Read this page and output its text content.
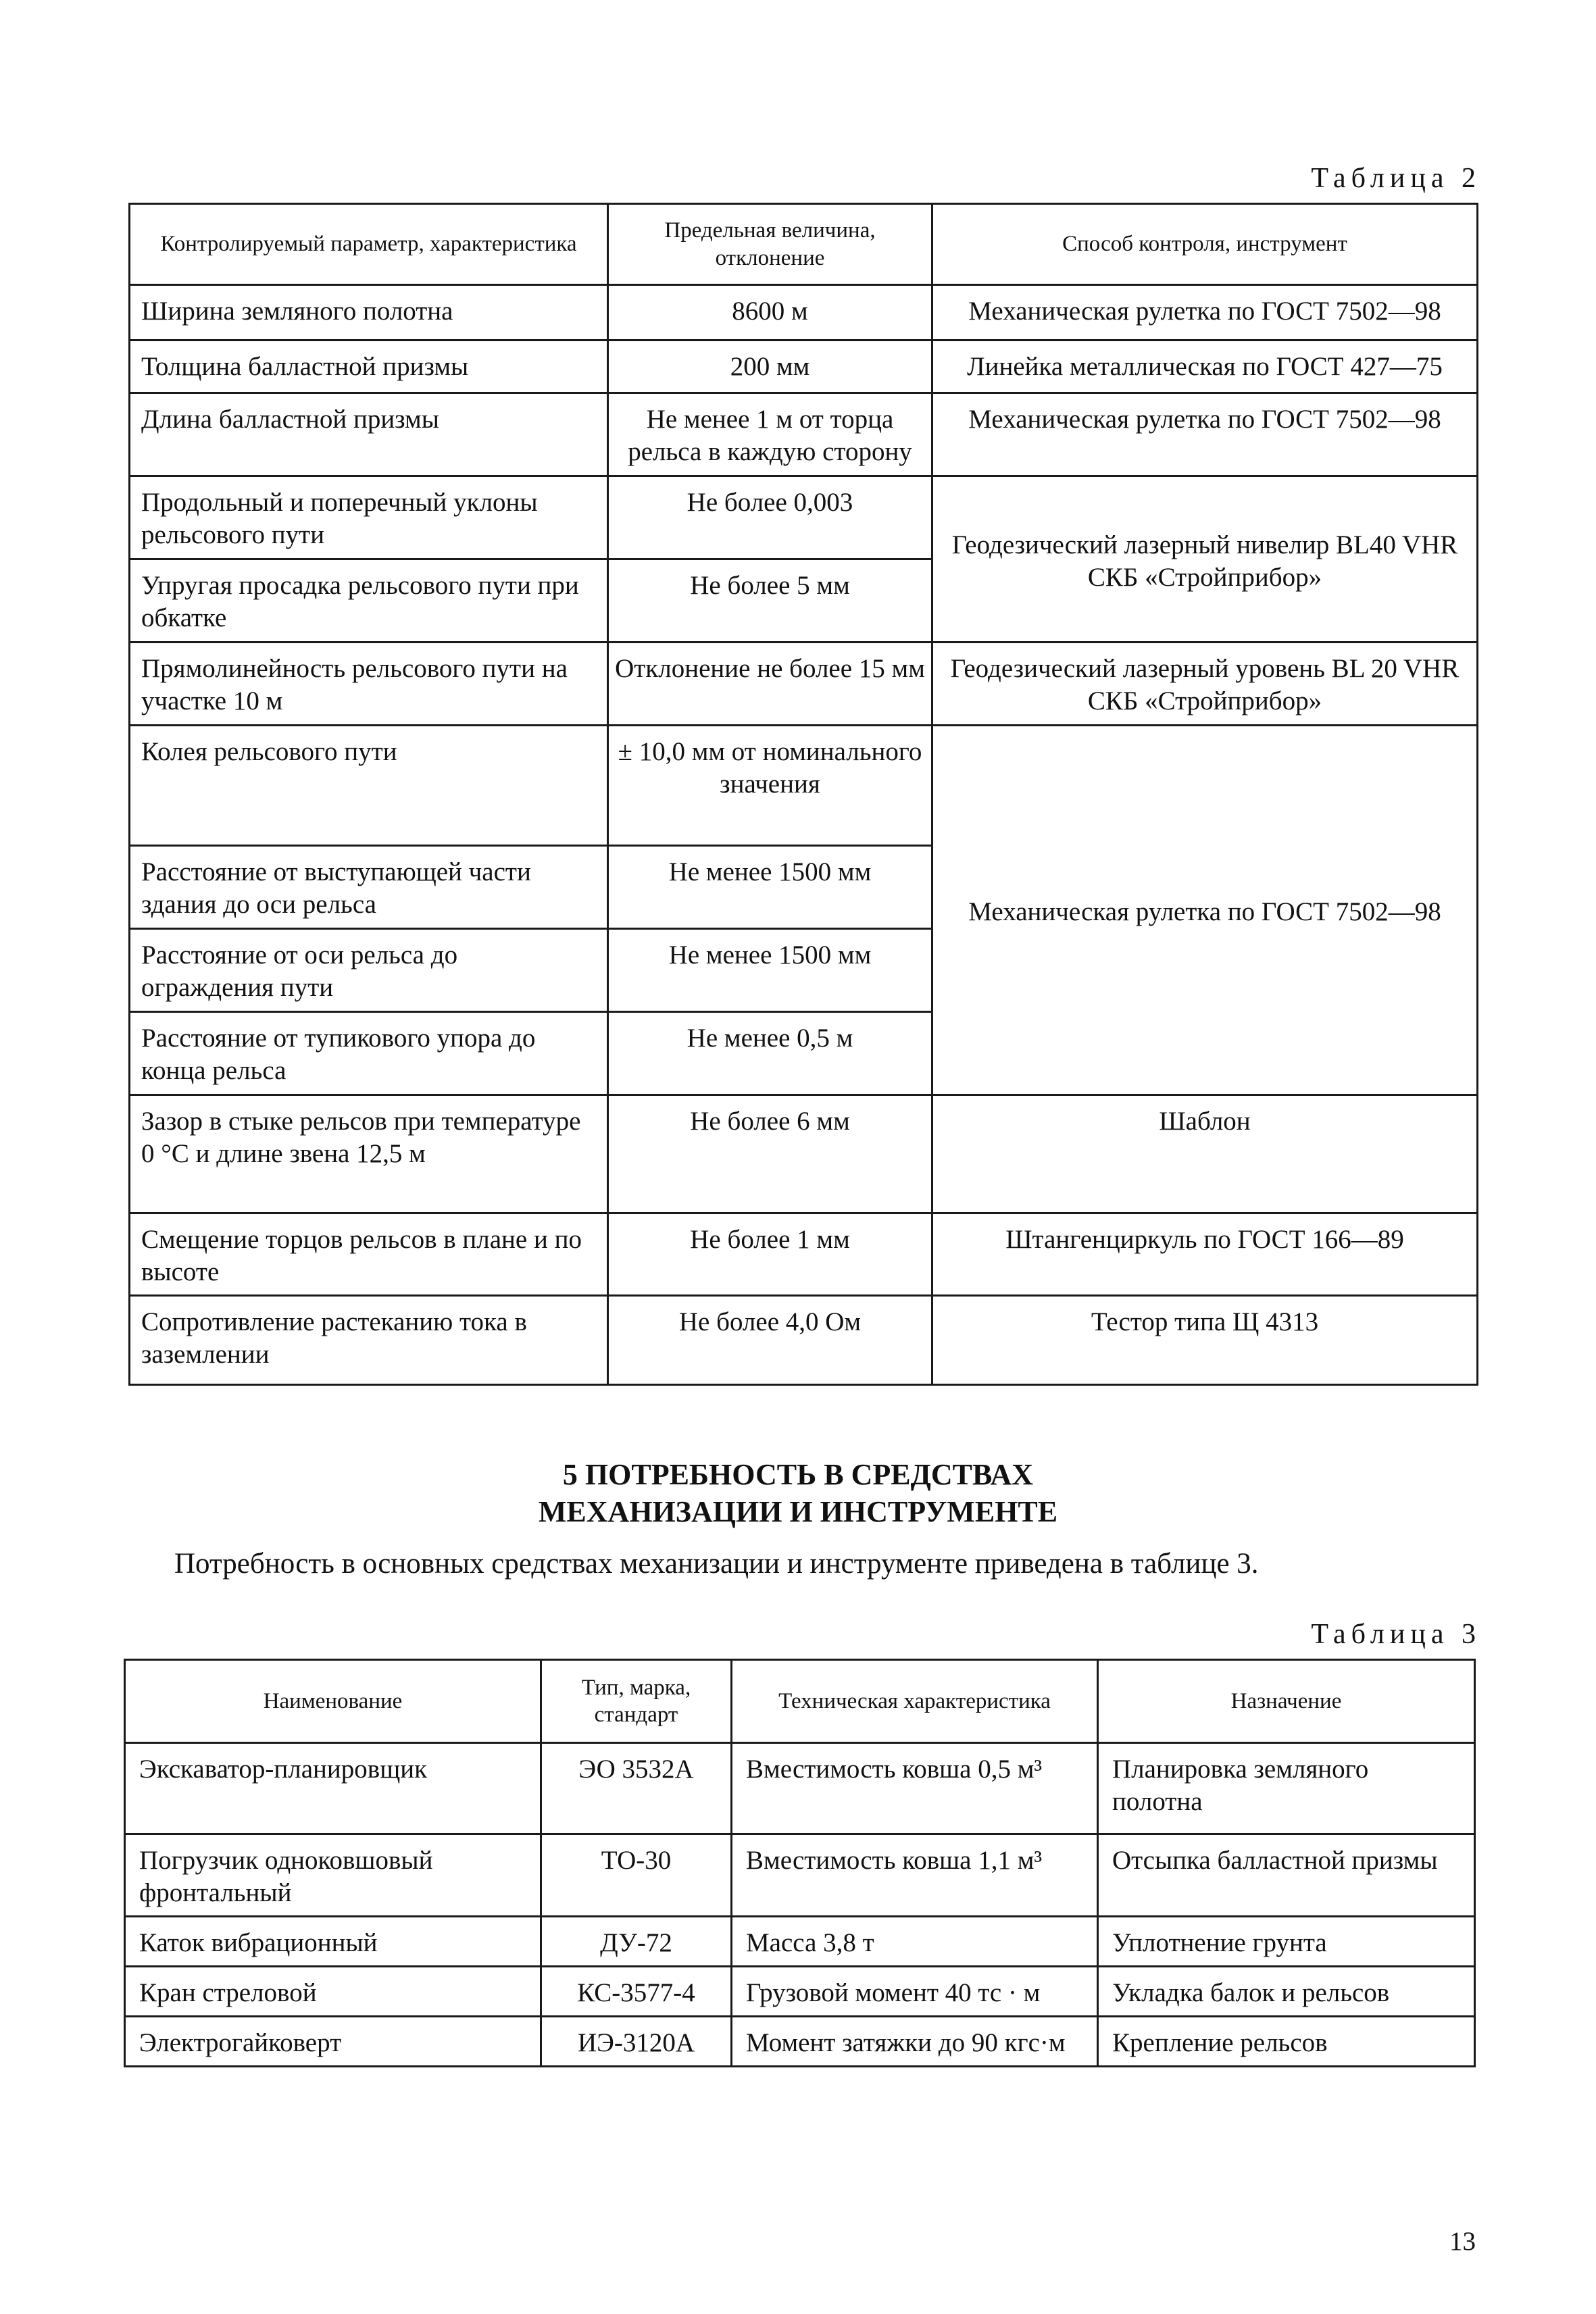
Таблица 2
Контролируемый параметр, характеристика	Предельная величина, отклонение	Способ контроля, инструмент
Ширина земляного полотна	8600 м	Механическая рулетка по ГОСТ 7502—98
Толщина балластной призмы	200 мм	Линейка металлическая по ГОСТ 427—75
Длина балластной призмы	Не менее 1 м от торца рельса в каждую сторону	Механическая рулетка по ГОСТ 7502—98
Продольный и поперечный уклоны рельсового пути	Не более 0,003	Геодезический лазерный нивелир BL40 VHR СКБ «Стройприбор»
Упругая просадка рельсового пути при обкатке	Не более 5 мм	
Прямолинейность рельсового пути на участке 10 м	Отклонение не более 15 мм	Геодезический лазерный уровень BL 20 VHR СКБ «Стройприбор»
Колея рельсового пути	± 10,0 мм от номинального значения	Механическая рулетка по ГОСТ 7502—98
Расстояние от выступающей части здания до оси рельса	Не менее 1500 мм	
Расстояние от оси рельса до ограждения пути	Не менее 1500 мм	
Расстояние от тупикового упора до конца рельса	Не менее 0,5 м	
Зазор в стыке рельсов при температуре 0 °С и длине звена 12,5 м	Не более 6 мм	Шаблон
Смещение торцов рельсов в плане и по высоте	Не более 1 мм	Штангенциркуль по ГОСТ 166—89
Сопротивление растеканию тока в заземлении	Не более 4,0 Ом	Тестор типа Щ 4313
5 ПОТРЕБНОСТЬ В СРЕДСТВАХ
МЕХАНИЗАЦИИ И ИНСТРУМЕНТЕ
Потребность в основных средствах механизации и инструменте приведена в таблице 3.
Таблица 3
Наименование	Тип, марка, стандарт	Техническая характеристика	Назначение
Экскаватор-планировщик	ЭО 3532А	Вместимость ковша 0,5 м³	Планировка земляного полотна
Погрузчик одноковшовый фронтальный	ТО-30	Вместимость ковша 1,1 м³	Отсыпка балластной призмы
Каток вибрационный	ДУ-72	Масса 3,8 т	Уплотнение грунта
Кран стреловой	КС-3577-4	Грузовой момент 40 тс · м	Укладка балок и рельсов
Электрогайковерт	ИЭ-3120А	Момент затяжки до 90 кгс·м	Крепление рельсов
13
